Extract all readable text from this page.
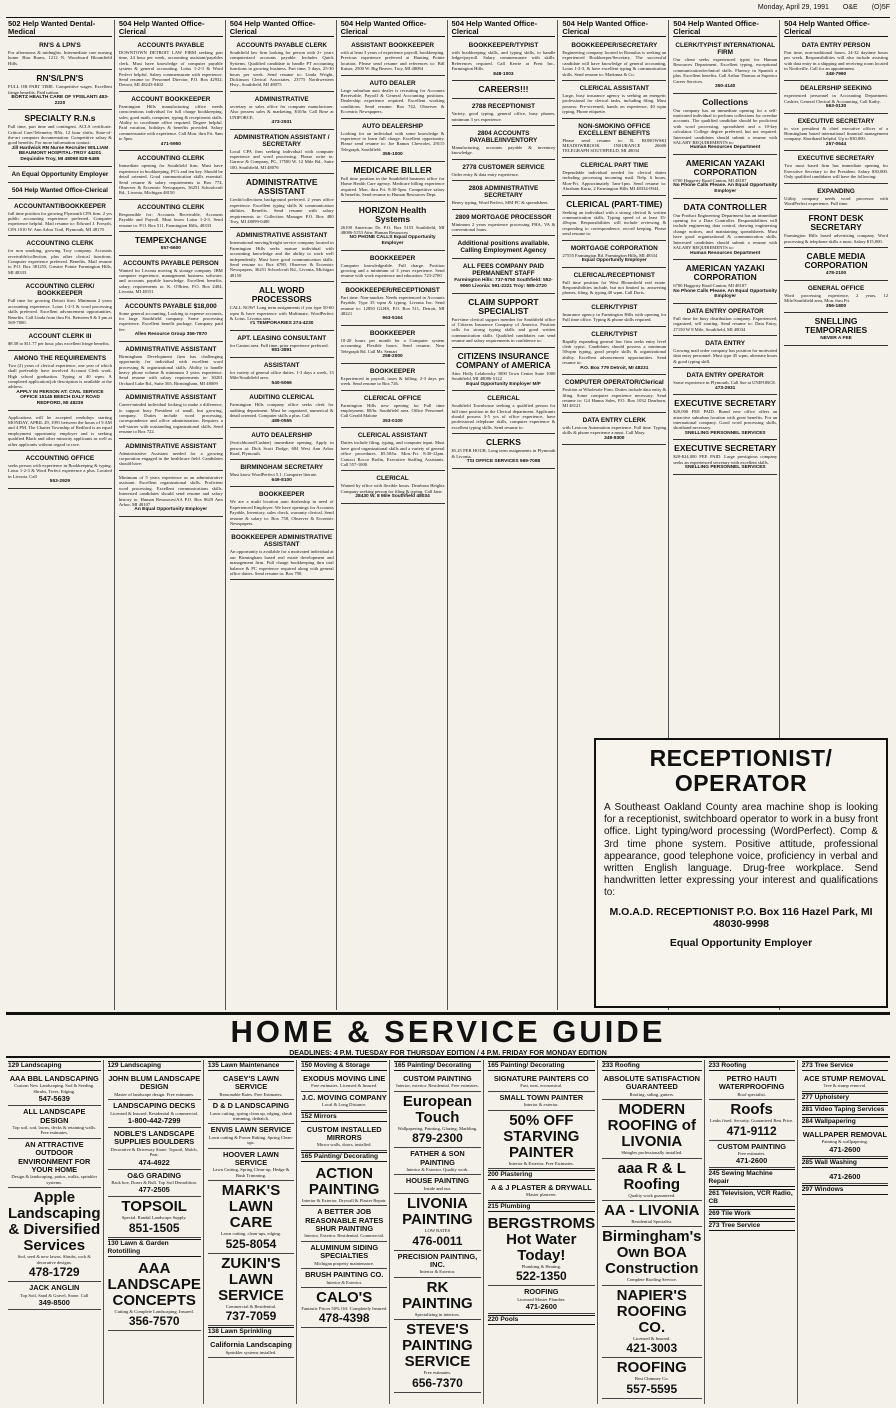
Monday, April 29, 1991 O&E (O)5F
502 Help Wanted Dental-Medical
RN'S & LPN'S
For afternoons & midnights. Intermediate care nursing home. Bias Burns, 1212 N. Woodward Bloomfield Hills.
RN'S/LPN'S
FULL OR PART TIME. Competitive wages. Excellent fringe benefits. Paid tuition.
BORTZ HEALTH CARE OF YPSILANTI 483-2220
SPECIALTY R.N.s
Full time, part time and contingent. ACLS certificate. Critical Care/Telemetry RNs. 12 hour shifts. State-of-the-art computer documentation. Competitive salary & good benefits. For more information contact:
Jill Hardwick RN Nurse Recruiter WILLIAM BEAUMONT HOSPITAL-TROY 44201 Dequindre Troy, MI 48098 828-5485
An Equal Opportunity Employer
504 Help Wanted Office-Clerical
ACCOUNTANT/BOOKKEEPER
full time position for growing Plymouth CPA firm. 2 yrs public accounting experience preferred. Computer experience helpful. Mail resume to: Edward J. Forsyth, CPA 1010 W. Ann Arbor Trail, Plymouth, MI 48170
ACCOUNTING CLERK
for non smoking, growing Troy company. Accounts receivable/collection, plus other clerical functions. Computer experience preferred. Benefits. Mail resume to P.O. Box 381255, Greater Pointe Farmington Hills, MI 48333
ACCOUNTING CLERK/ BOOKKEEPER
Full time for growing Detroit firm. Minimum 2 years accounting experience. Lotus 1-2-3 & word processing skills preferred. Excellent advancement opportunities. Benefits. Call Linda from thru Fri. Between 9 & 3 pm at 569-7000.
ACCOUNT CLERK III
$8.58 to $11.77 per hour, plus excellent fringe benefits.
AMONG THE REQUIREMENTS
Two (2) years of clerical experience, one year of which shall preferably have involved Account Clerk work. High school graduation. Typing at 40 wpm. A completed application/job description is available at the address.
APPLY IN PERSON AT: CIVIL SERVICE OFFICE 15145 BEECH DALY ROAD REDFORD, MI 48239
Applications will be accepted weekdays starting MONDAY, APRIL 29, 1991 between the hours of 9 AM and 4 PM. The Charter Township of Redford is an equal employment opportunity employer and is seeking qualified Black and other minority applicants as well as other applicants without regard to race.
ACCOUNTING OFFICE
seeks person with experience in Bookkeeping & typing. Lotus 1-2-3 & Word Perfect experience a plus. Located in Livonia. Call
553-2929
504 Help Wanted Office-Clerical
ACCOUNTS PAYABLE
DOWNTOWN DETROIT LAW FIRM seeking part time, 24 hour per week, accounting assistant/payables clerk. Must have knowledge of computer payable system & general accounting. Lotus 1-2-3 & Word Perfect helpful. Salary commensurate with experience. Send resume to: Personnel Director, P.O. Box 42932, Detroit, MI 48243-0402
ACCOUNT BOOKKEEPER
Farmington Hills manufacturing office needs conscientious individual for full charge bookkeeping, sales, good math, computer, typing & receptionist skills. Ability to coordinate office required. Degree helpful. Paid vacation, holidays & benefits provided. Salary commensurate with experience. Call Mon. thru Fri. 9am to 5pm.
471-5950
ACCOUNTING CLERK
Immediate opening for Southfield firm. Must have experience in bookkeeping, PC's and ten key. Should be detail oriented. Good communication skills essential. Send resume & salary requirements to Box 774, Observer & Eccentric Newspapers, 36251 Schoolcraft Rd., Livonia, Michigan 48150
ACCOUNTING CLERK
Responsible for: Accounts Receivable, Accounts Payable and Payroll. Must know Lotus 1-2-3. Send resume to: P.O. Box 511, Farmington Hills, 48333
TEMPEXCHANGE
557-6600
ACCOUNTS PAYABLE PERSON
Wanted for Livonia moving & storage company. IBM computer experience, management business software, and accounts payable knowledge. Excellent benefits, salary, requirements to: K. O'Brien, P.O. Box 2484, Livonia, MI 48151
ACCOUNTS PAYABLE $18,000
Some general accounting. Looking to expense accounts, for large Southfield company. Some processing experience. Excellent benefit package. Company paid fee.
Allen Resource Group 356-7870
ADMINISTRATIVE ASSISTANT
Birmingham Development firm has challenging opportunity for individual with excellent word processing & organizational skills. Ability to handle heavy phone volume & minimum 3 years experience. Send resume with salary requirements to: 30201 Orchard Lake Rd., Suite 365, Birmingham, MI 48009
ADMINISTRATIVE ASSISTANT
Career-minded individual looking to make a difference, to support busy President of small, but growing, company. Duties include word processing, correspondence and office administration. Requires a self-starter with outstanding organizational skills. Send resume to Box 722.
ADMINISTRATIVE ASSISTANT
Administrative Assistant needed for a growing corporation engaged in the healthcare field. Candidates should have:
Minimum of 5 years experience as an administrative assistant. Excellent organizational skills. Proficient word processing. Excellent communications skills. Interested candidates should send resume and salary history to: Human Resources/AA P.O. Box 8629 Ann Arbor, MI 48107
An Equal Opportunity Employer
504 Help Wanted Office-Clerical
ACCOUNTS PAYABLE CLERK
Southfield law firm looking for person with 2+ years computerized accounts payable. Includes Quick Systems. Qualified candidate to handle PT accounting functions in growing business. Part time, 5 days, 25-30 hours per week. Send resume to: Linda Wright, Dickinson Clerical Associates, 23775 Northwestern Hwy., Southfield, MI 48075
ADMINISTRATIVE
secretary or sales office for computer manufacturer. Also possess sales & marketing. $10/hr. Call Rose at UNIFORCE.
473-2931
ADMINISTRATION ASSISTANT / SECRETARY
Local CPA firm seeking individual with computer experience and word processing. Please write to: Garrow & Company, PC, 17500 W. 12 Mile Rd., Suite 100, Southfield, MI 48076
ADMINISTRATIVE ASSISTANT
Credit/collections background preferred. 2 years office experience. Excellent typing skills & communication abilities. Benefits. Send resume with salary requirements to: Collection Manager P.O. Box 480 Troy, MI 48099-0480
ADMINISTRATIVE ASSISTANT
International moving/freight service company located in Farmington Hills seeks mature individual with accounting knowledge and the ability to work well independently. Must have good communication skills. Send resume to: Box #780, Observer & Eccentric Newspapers, 36251 Schoolcraft Rd., Livonia, Michigan 48150
ALL WORD PROCESSORS
CALL NOW! Long term assignments if you type 50-60 wpm & have experience with Multimate, WordPerfect & Lotus. Livonia area.
#1 TEMPORARIES 274-4230
APT. LEASING CONSULTANT
for Canton area. Full time, prior experience preferred.
981-3891
ASSISTANT
for variety of general office duties. 1-3 days a week, 13 Mile/Southfield area.
540-5066
AUDITING CLERICAL
Farmington Hills company office seeks clerk for auditing department. Must be organized, numerical & detail oriented. Computer skills a plus. Call
489-0555
AUTO DEALERSHIP
(Switchboard/Cashier) immediate opening. Apply in person at: Dick Scott Dodge, 684 West Ann Arbor Road, Plymouth.
BIRMINGHAM SECRETARY
Must know WordPerfect 5.1. Computer literate.
649-8100
BOOKKEEPER
We are a multi location auto dealership in need of Experienced Employee. We have openings for Accounts Payable, Inventory, sales check, warranty clerical. Send resume & salary to: Box 758, Observer & Eccentric Newspapers.
BOOKKEEPER ADMINISTRATIVE ASSISTANT
An opportunity is available for a motivated individual at our Birmingham based real estate development and management firm. Full charge bookkeeping thru trial balance & PC experience required along with general office duties. Send resume to: Box 790.
504 Help Wanted Office-Clerical
ASSISTANT BOOKKEEPER
with at least 3 years of experience payroll, bookkeeping. Previous experience preferred at Hunting Pointe location. Please send resume and references to: Bill Kaiser, 2500 W. Big Beaver, Troy, MI 48084
AUTO DEALER
Large suburban auto dealer is recruiting for Accounts Receivable, Payroll & General Accounting positions. Dealership experience required. Excellent working conditions. Send resume: Box 742, Observer & Eccentric Newspapers.
AUTO DEALERSHIP
Looking for an individual with some knowledge & experience to learn full charge. Excellent opportunity. Please send resume to: Joe Ramos Chevrolet, 29115 Telegraph, Southfield.
355-1000
MEDICARE BILLER
Full time position in the Southfield business office for Home Health Care agency. Medicare billing experience required. Mon. thru Fri. 8:30-5pm. Competitive salary & benefits. Send resume to Human Resources Dept.
HORIZON Health Systems
26100 American Dr. P.O. Box 5153 Southfield, MI 48086-5153 Attn: Human Resources
NO PHONE CALLS Equal Opportunity Employer
BOOKKEEPER
Computer knowledgeable. Full charge. Position growing and a minimum of 3 years experience. Send resume with work experience and education: 723-2700
BOOKKEEPER/RECEPTIONIST
Part time. Non-smoker. Needs experienced in Accounts Payable, Type 35 wpm & typing. Livonia Inc. Send resume to: 12850 GLHS, P.O. Box 511, Detroit, MI 48221
963-5164
BOOKKEEPER
10-20 hours per month for a Computer system accounting. Flexible hours. Send resume. Near Telegraph Rd. Call Mr. Semari
258-2000
BOOKKEEPER
Experienced in payroll, taxes & billing. 2-3 days per week. Send resume to Box 726.
CLERICAL OFFICE
Farmington Hills new opening for Full time employment. $8/hr. Southfield area. Office Personnel. Call Gerald Malone
353-0100
CLERICAL ASSISTANT
Duties include filing, typing, and computer input. Must have good organizational skills and a variety of general office procedures. $5.50/hr. Mon.-Fri. 8:30-12pm. Contact Rocco Rodin, Executive Staffing Assistants. Call 557-1000.
CLERICAL
Wanted by office with flexible hours. Dearborn Heights Company seeking person for filing & typing. Call Jane.
28430 W. 8 Mile Southfield 48034
504 Help Wanted Office-Clerical
BOOKKEEPER/TYPIST
with bookkeeping skills, and typing skills, to handle ledger/payroll. Salary commensurate with skills. References required. Call Kerrie at Prest Inc., Farmington Hills.
848-1003
CAREERS!!!
2788 RECEPTIONIST
Variety, good typing, general office, busy phones, minimum 3 yrs experience.
2804 ACCOUNTS PAYABLE/INVENTORY
Manufacturing, accounts payable & inventory knowledge.
2778 CUSTOMER SERVICE
Order entry & data entry experience.
2808 ADMINISTRATIVE SECRETARY
Heavy typing, Word Perfect, SIM PC & spreadsheet.
2809 MORTGAGE PROCESSOR
Minimum 2 years experience processing FHA, VA & conventional loans.
Additional positions available. Calling Employment Agency
ALL FEES COMPANY PAID PERMANENT STAFF
Farmington Hills: 737-5750 Southfield: 552-9060 Livonia: 591-2221 Troy: 585-2720
CLAIM SUPPORT SPECIALIST
Part-time clerical support member for Southfield office of Citizens Insurance Company of America. Position calls for strong typing skills and good written communication skills. Qualified candidates can send resume and salary requirements in confidence to:
CITIZENS INSURANCE COMPANY of AMERICA
Attn: Holly Lelakowky 3000 Town Center Suite 1000 Southfield, MI 48086-5122
Equal Opportunity Employer M/F
CLERICAL
Southfield Townhouse seeking a qualified person for full time position in the Clerical department. Applicants should possess 3-5 yrs of office experience, have professional telephone skills, computer experience & excellent typing skills. Send resume to:
CLERKS
$5.25 PER HOUR. Long term assignments in Plymouth & Livonia.
TSI OFFICE SERVICES 569-7088
504 Help Wanted Office-Clerical
BOOKKEEPER/SECRETARY
Engineering company located in Romulus is seeking an experienced Bookkeeper/Secretary. The successful candidate will have knowledge of general accounting, Lotus 1-2-3, & have excellent typing & communication skills. Send resume to: Madonna & Co.
CLERICAL ASSISTANT
Large, busy insurance agency is seeking an energetic professional for clerical tasks, including filing. Must possess: Pre-screened, hands on experience, 40 wpm typing, Phone etiquette.
NON-SMOKING OFFICE EXCELLENT BENEFITS
Please send resume to: R. BOROWSKI MEADOWBROOK INSURANCE 26600 TELEGRAPH SOUTHFIELD, MI 48034
CLERICAL PART TIME
Dependable individual needed for clerical duties including processing incoming mail. Nelp. 6 hours, Mon-Fri. Approximately 5am-1pm. Send resume to: Abraham Kurtz, 2 Farmington Hills MI 48334-0944.
CLERICAL (PART-TIME)
Seeking an individual with a strong clerical & written communication skills. Typing speed of at least 35-40wpm. Responsibilities will include reviewing & responding to correspondence, record keeping. Please send resume to:
MORTGAGE CORPORATION
27555 Farmington Rd. Farmington Hills, MI 48334
Equal Opportunity Employer
CLERICAL/RECEPTIONIST
Full time position for West Bloomfield real estate. Responsibilities include, but not limited to, answering phones, filing, & typing 40 wpm. Call Doris.
CLERK/TYPIST
Insurance agency in Farmington Hills with opening for Full time office. Typing & phone skills required.
CLERK/TYPIST
Rapidly expanding general law firm seeks entry level clerk typist. Candidates should possess a minimum 50wpm typing, good people skills & organizational ability. Excellent advancement opportunities. Send resume to:
P.O. Box 779 Detroit, MI 48231
COMPUTER OPERATOR/Clerical
Position at Wholesale Firm. Duties include data entry & filing. Some computer experience necessary. Send resume to: Gil Hanna Sales, P.O. Box 1032 Dearborn, MI 48121
DATA ENTRY CLERK
with Lexicon Automation experience. Full time. Typing skills & phone experience a must. Call Mary.
349-9300
504 Help Wanted Office-Clerical
CLERK/TYPIST INTERNATIONAL FIRM
Our client seeks experienced typist for Human Resources Department. Excellent typing, exceptional communication/technical skills. Fluency in Spanish a plus. Excellent benefits. Call Arthur Thomas at Superior Career Services.
350-4140
Collections
Our company has an immediate opening for a self-motivated individual to perform collections for overdue accounts. The qualified candidate should be proficient with word processing, spreadsheet and a 10-key calculator. College degree preferred, but not required. Interested candidates should submit a resume with SALARY REQUIREMENTS to:
Human Resources Department
AMERICAN YAZAKI CORPORATION
6700 Haggerty Road Canton, MI 48187
No Phone Calls Please. An Equal Opportunity Employer
DATA CONTROLLER
Our Product Engineering Department has an immediate opening for a Data Controller. Responsibilities will include engineering data control, drawing engineering change notices, and maintaining spreadsheets. Must have good organizational & communication skills. Interested candidates should submit a resume with SALARY REQUIREMENTS to:
Human Resources Department
AMERICAN YAZAKI CORPORATION
6700 Haggerty Road Canton, MI 48187
No Phone Calls Please. An Equal Opportunity Employer
DATA ENTRY OPERATOR
Full time for busy distribution company. Experienced, organized, self starting. Send resume to: Data Entry, 27150 W 8 Mile, Southfield, MI 48034
DATA ENTRY
Growing mail order company has position for motivated data entry personnel. Must type 45 wpm, alternate hours & good typing skill.
DATA ENTRY OPERATOR
Some experience in Plymouth. Call Sue at UNIFORCE.
473-2931
EXECUTIVE SECRETARY
$20,000 FEE PAID. Brand new office offers an attractive suburban location with great benefits. For an international company. Good word processing skills, shorthand necessary.
SNELLING PERSONNEL SERVICES
EXECUTIVE SECRETARY
$20-$24,000 FEE PAID. Large prestigious company seeks an experienced secretary with excellent skills.
SNELLING PERSONNEL SERVICES
504 Help Wanted Office-Clerical
DATA ENTRY PERSON
Part time, non-traditional hours, 24-32 daytime hours per week. Responsibilities will also include assisting with data entry in a shipping and receiving room located in Northville. Call for an appointment.
348-7990
DEALERSHIP SEEKING
experienced personnel in Accounting Department. Cashier, General Clerical & Accounting. Call Kathy.
563-0130
EXECUTIVE SECRETARY
to vice president & chief executive officer of a Birmingham based international financial management company. Shorthand helpful. Up to $30,000.
257-0644
EXECUTIVE SECRETARY
Two most based firm has immediate opening for Executive Secretary to the President. Salary $30,000. Only qualified candidates will have the following:
EXPANDING
Utility company needs word processor with WordPerfect experience. Full time.
FRONT DESK SECRETARY
Farmington Hills based advertising company. Word processing & telephone skills a must. Salary $15,000.
CABLE MEDIA CORPORATION
478-2100
GENERAL OFFICE
Word processing experience, 2 years, 12 Mile/Southfield area, Mon. thru Fri.
356-1800
SNELLING TEMPORARIES
NEVER A FEE
RECEPTIONIST/ OPERATOR
A Southeast Oakland County area machine shop is looking for a receptionist, switchboard operator to work in a busy front office. Light typing/word processing (WordPerfect). Comp & 3rd time phone system. Positive attitude, professional appearance, good telephone voice, proficiency in verbal and written English language. Drug-free workplace. Send handwritten letter expressing your interest and qualifications to:
M.O.A.D. RECEPTIONIST P.O. Box 116 Hazel Park, MI 48030-9998
Equal Opportunity Employer
HOME & SERVICE GUIDE
DEADLINES: 4 P.M. TUESDAY FOR THURSDAY EDITION / 4 P.M. FRIDAY FOR MONDAY EDITION
129 Landscaping
AAA BBL LANDSCAPING
Custom New Landscaping. Sod & Seeding. Shrubs, Trees. Edging.
547-5639
ALL LANDSCAPE DESIGN
Top soil, sod, lawns, decks & retaining walls. Free estimates.
AN ATTRACTIVE OUTDOOR ENVIRONMENT FOR YOUR HOME
Design & landscaping, patios, walks, sprinkler systems.
Apple Landscaping & Diversified Services
Sod, seed & new lawns. Shrubs, rock & decorative designs.
478-1729
JACK ANGLIN
Top Soil, Sand & Gravel, Stone. Call
349-8500
129 Landscaping
JOHN BLUM LANDSCAPE DESIGN
Master of landscape design. Free estimates.
LANDSCAPING DECKS
Licensed & Insured. Residential & commercial.
1-800-442-7299
NOBLE'S LANDSCAPE SUPPLIES BOULDERS
Decorative & Driveway Stone. Topsoil, Mulch, Peat.
474-4922
O&G GRADING
Back hoe, Dozer & Bull. Top Soil Demolition.
477-2505
TOPSOIL
Special. Randal Landscape Supply.
851-1505
130 Lawn & Garden Rototilling
AAA LANDSCAPE CONCEPTS
Cutting & Complete Landscaping. Insured.
356-7570
135 Lawn Maintenance
CASEY'S LAWN SERVICE
Reasonable Rates. Free Estimates.
D & D LANDSCAPING
Lawn cutting, spring clean up, edging, shrub trimming, dethatch.
ENVIS LAWN SERVICE
Lawn cutting & Power Raking. Spring Clean-ups.
HOOVER LAWN SERVICE
Lawn Cutting, Spring Clean-up, Hedge & Bush Trimming.
MARK'S LAWN CARE
Lawn cutting, clean-ups, edging.
525-8054
ZUKIN'S LAWN SERVICE
Commercial & Residential.
737-7059
138 Lawn Sprinkling
California Landscaping
Sprinkler systems installed.
150 Moving & Storage
EXODUS MOVING LINE
Free estimates. Licensed & Insured.
J.C. MOVING COMPANY
Local & Long Distance.
152 Mirrors
CUSTOM INSTALLED MIRRORS
Mirror walls, doors, installed.
165 Painting/ Decorating
ACTION PAINTING
Interior & Exterior. Drywall & Plaster Repair.
A BETTER JOB REASONABLE RATES SHUR PAINTING
Interior, Exterior. Residential. Commercial.
ALUMINUM SIDING SPECIALTIES
Michigan property maintenance.
BRUSH PAINTING CO.
Interior & Exterior.
CALO'S
Fantastic Prices 50% Off. Completely Insured.
478-4398
165 Painting/ Decorating
CUSTOM PAINTING
Interior, exterior. Residential. Free estimates.
European Touch
Wallpapering, Painting, Glazing, Marbling.
879-2300
FATHER & SON PAINTING
Interior & Exterior. Quality work.
HOUSE PAINTING
Inside and out.
LIVONIA PAINTING
LOW RATES
476-0011
PRECISION PAINTING, INC.
Interior & Exterior.
RK PAINTING
Specializing in interiors.
STEVE'S PAINTING SERVICE
Free estimates.
656-7370
165 Painting/ Decorating
SIGNATURE PAINTERS CO
Fast, neat, economical.
SMALL TOWN PAINTER
Interior & exterior.
50% OFF STARVING PAINTER
Interior & Exterior. Free Estimates.
200 Plastering
A & J PLASTER & DRYWALL
Master plasterer.
215 Plumbing
BERGSTROMS Hot Water Today!
Plumbing & Heating.
522-1350
ROOFING
Licensed Master Plumber.
471-2600
220 Pools
233 Roofing
ABSOLUTE SATISFACTION GUARANTEED
Roofing, siding, gutters.
MODERN ROOFING of LIVONIA
Shingles professionally installed.
aaa R & L Roofing
Quality work guaranteed.
AA - LIVONIA
Residential Specialist.
Birmingham's Own BOA Construction
Complete Roofing Service.
NAPIER'S ROOFING CO.
Licensed & Insured.
421-3003
ROOFING
Best Chimney Co.
557-5595
233 Roofing
PETRO HAUTI WATERPROOFING
Roof specialist.
Roofs
Leaks fixed. Security. Guaranteed Best Price.
471-9112
CUSTOM PAINTING
Free estimates.
471-2600
245 Sewing Machine Repair
261 Television, VCR Radio, CB
269 Tile Work
273 Tree Service
273 Tree Service
ACE STUMP REMOVAL
Tree & stump removal.
277 Upholstery
281 Video Taping Services
284 Wallpapering
WALLPAPER REMOVAL
Painting & wallpapering.
471-2600
285 Wall Washing
471-2600
297 Windows
